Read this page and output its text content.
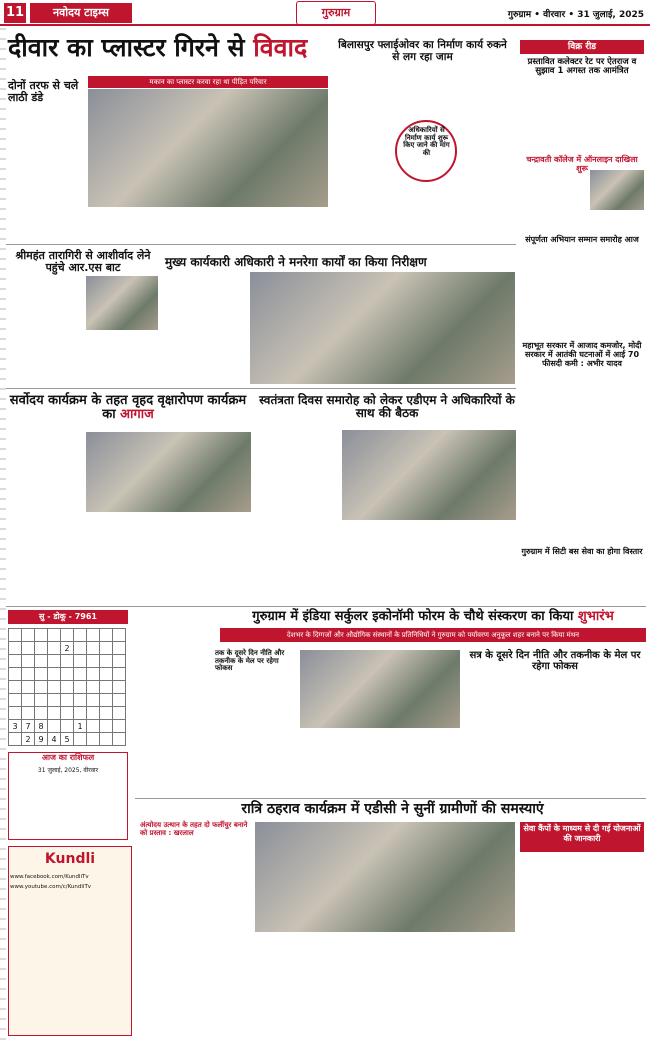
11	नवोदय टाइम्स	गुरुग्राम	गुरुग्राम • वीरवार • 31 जुलाई, 2025
दीवार का प्लास्टर गिरने से विवाद
मकान का प्लास्टर करवा रहा था पीड़ित परिवार
दोनों तरफ से चले लाठी डंडे
बिलासपुर फ्लाईओवर का निर्माण कार्य रुकने से लग रहा जाम
अधिकारियों से निर्माण कार्य शुरू किए जाने की मांग की
विक्र रीड
प्रस्तावित कलेक्टर रेट पर ऐतराज व सुझाव 1 अगस्त तक आमंत्रित
चन्द्रावती कॉलेज में ऑनलाइन दाखिला शुरू
संपूर्णता अभियान सम्मान समारोह आज
श्रीमहंत तारागिरी से आशीर्वाद लेने पहुंचे आर.एस बाट	मुख्य कार्यकारी अधिकारी ने मनरेगा कार्यों का किया निरीक्षण
सर्वोदय कार्यक्रम के तहत वृहद वृक्षारोपण कार्यक्रम का आगाज
स्वतंत्रता दिवस समारोह को लेकर एडीएम ने अधिकारियों के साथ की बैठक
महाभूत सरकार में आजाद कमजोर, मोदी सरकार में आतंकी घटनाओं में आई 70 फीसदी कमी : अभीर यादव
गुरुग्राम में सिटी बस सेवा का होगा विस्तार
सु - डोकू - 7961

				2				

3	7	8			1			
	2	9	4	5				
आज का राशिफल
31 जुलाई, 2025, वीरवार
गुरुग्राम में इंडिया सर्कुलर इकोनॉमी फोरम के चौथे संस्करण का किया शुभारंभ
देशभर के दिग्गजों और औद्योगिक संस्थानों के प्रतिनिधियों ने गुरुग्राम को पर्यावरण अनुकूल शहर बनाने पर किया मंथन
तक के दूसरे दिन नीति और तकनीक के मेल पर रहेगा फोकस
सत्र के दूसरे दिन नीति और तकनीक के मेल पर रहेगा फोकस
रात्रि ठहराव कार्यक्रम में एडीसी ने सुनीं ग्रामीणों की समस्याएं
अंत्योदय उत्थान के तहत दो फर्लीचुर बनाने को प्रस्ताव : खरलाल	सेवा कैंपों के माध्यम से दी गई योजनाओं की जानकारी
Kundli
www.facebook.com/KundliTv
www.youtube.com/c/KundliTv
